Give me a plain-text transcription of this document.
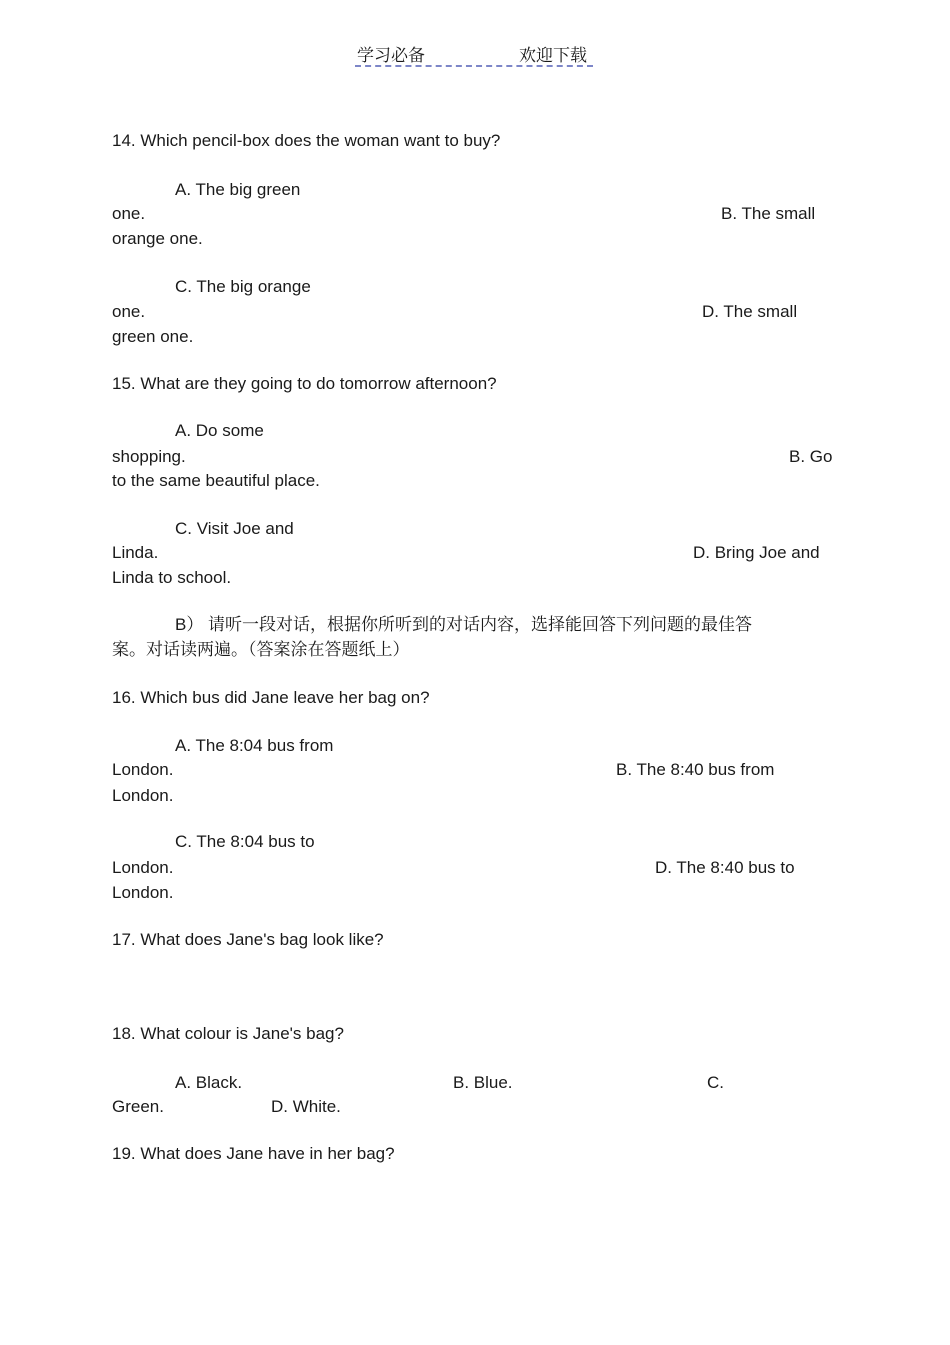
学习必备	欢迎下载
14. Which pencil-box does the woman want to buy?
A. The big green
one.	B. The small
orange one.
C. The big orange
one.	D. The small
green one.
15. What are they going to do tomorrow afternoon?
A. Do some
shopping.	B. Go
to the same beautiful place.
C. Visit Joe and
Linda.	D. Bring Joe and
Linda to school.
B） 请听一段对话，根据你所听到的对话内容，选择能回答下列问题的最佳答
案。对话读两遍。（答案涂在答题纸上）
16. Which bus did Jane leave her bag on?
A. The 8:04 bus from
London.	B. The 8:40 bus from
London.
C. The 8:04 bus to
London.	D. The 8:40 bus to
London.
17. What does Jane's bag look like?
18. What colour is Jane's bag?
A. Black.	B. Blue.	C.
Green.	D. White.
19. What does Jane have in her bag?
